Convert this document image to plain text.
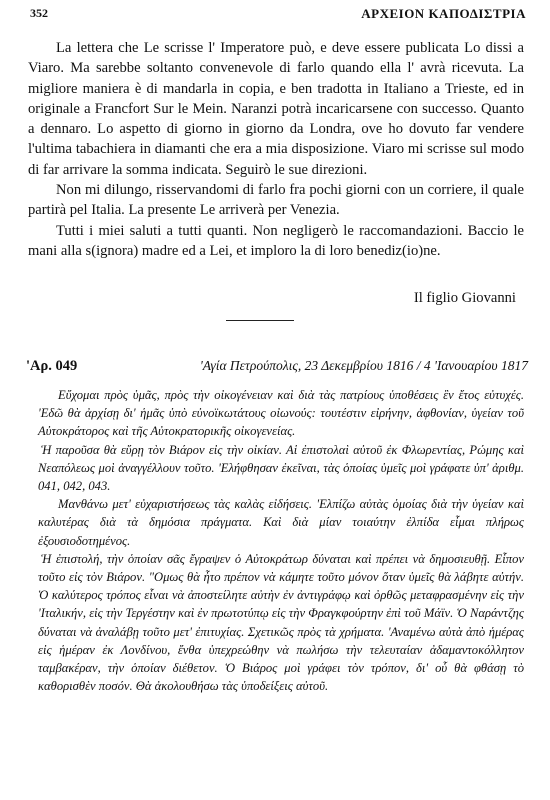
352	ΑΡΧΕΙΟΝ ΚΑΠΟΔΙΣΤΡΙΑ

La lettera che Le scrisse l' Imperatore può, e deve essere publicata Lo dissi a Viaro. Ma sarebbe soltanto convenevole di farlo quando ella l' avrà ricevuta. La migliore maniera è di mandarla in copia, e ben tradotta in Italiano a Trieste, ed in originale a Francfort Sur le Mein. Naranzi potrà incaricarsene con successo. Quanto a dennaro. Lo aspetto di giorno in giorno da Londra, ove ho dovuto far vendere l'ultima tabachiera in diamanti che era a mia disposizione. Viaro mi scrisse sul modo di far arrivare la somma indicata. Seguirò le sue direzioni.

Non mi dilungo, risservandomi di farlo fra pochi giorni con un corriere, il quale partirà pel Italia. La presente Le arriverà per Venezia.

Tutti i miei saluti a tutti quanti. Non negligerò le raccomandazioni. Baccio le mani alla s(ignora) madre ed a Lei, et imploro la di loro benediz(io)ne.

Il figlio Giovanni
'Αρ. 049	'Αγία Πετρούπολις, 23 Δεκεμβρίου 1816 / 4 'Ιανουαρίου 1817

Εὔχομαι πρὸς ὑμᾶς, πρὸς τὴν οἰκογένειαν καὶ διὰ τὰς πατρίους ὑποθέσεις ἓν ἔτος εὐτυχές. 'Εδῶ θὰ ἀρχίσῃ δι' ἡμᾶς ὑπὸ εὐνοϊκωτάτους οἰωνούς: τουτέστιν εἰρήνην, ἀφθονίαν, ὑγείαν τοῦ Αὐτοκράτορος καὶ τῆς Αὐτοκρατορικῆς οἰκογενείας.

Ἡ παροῦσα θὰ εὕρῃ τὸν Βιάρον εἰς τὴν οἰκίαν. Αἱ ἐπιστολαὶ αὐτοῦ ἐκ Φλωρεντίας, Ρώμης καὶ Νεαπόλεως μοὶ ἀναγγέλλουν τοῦτο. 'Ελήφθησαν ἐκεῖναι, τὰς ὁποίας ὑμεῖς μοὶ γράφατε ὑπ' ἀριθμ. 041, 042, 043.

Μανθάνω μετ' εὐχαριστήσεως τὰς καλὰς εἰδήσεις. 'Ελπίζω αὐτὰς ὁμοίας διὰ τὴν ὑγείαν καὶ καλυτέρας διὰ τὰ δημόσια πράγματα. Καὶ διὰ μίαν τοιαύτην ἐλπίδα εἶμαι πλήρως ἐξουσιοδοτημένος.

Ἡ ἐπιστολή, τὴν ὁποίαν σᾶς ἔγραψεν ὁ Αὐτοκράτωρ δύναται καὶ πρέπει νὰ δημοσιευθῇ. Εἶπον τοῦτο εἰς τὸν Βιάρον. "Ομως θὰ ἦτο πρέπον νὰ κάμητε τοῦτο μόνον ὅταν ὑμεῖς θὰ λάβητε αὐτήν. Ὁ καλύτερος τρόπος εἶναι νὰ ἀποστείλητε αὐτὴν ἐν ἀντιγράφῳ καὶ ὀρθῶς μεταφρασμένην εἰς τὴν 'Ιταλικήν, εἰς τὴν Τεργέστην καὶ ἐν πρωτοτύπῳ εἰς τὴν Φραγκφούρτην ἐπὶ τοῦ Μάϊν. Ὁ Ναράντζης δύναται νὰ ἀναλάβῃ τοῦτο μετ' ἐπιτυχίας. Σχετικῶς πρὸς τὰ χρήματα. 'Αναμένω αὐτὰ ἀπὸ ἡμέρας εἰς ἡμέραν ἐκ Λονδίνου, ἔνθα ὑπεχρεώθην νὰ πωλήσω τὴν τελευταίαν ἀδαμαντοκόλλητον ταμβακέραν, τὴν ὁποίαν διέθετον. Ὁ Βιάρος μοὶ γράφει τὸν τρόπον, δι' οὗ θὰ φθάσῃ τὸ καθορισθὲν ποσόν. Θὰ ἀκολουθήσω τὰς ὑποδείξεις αὐτοῦ.
